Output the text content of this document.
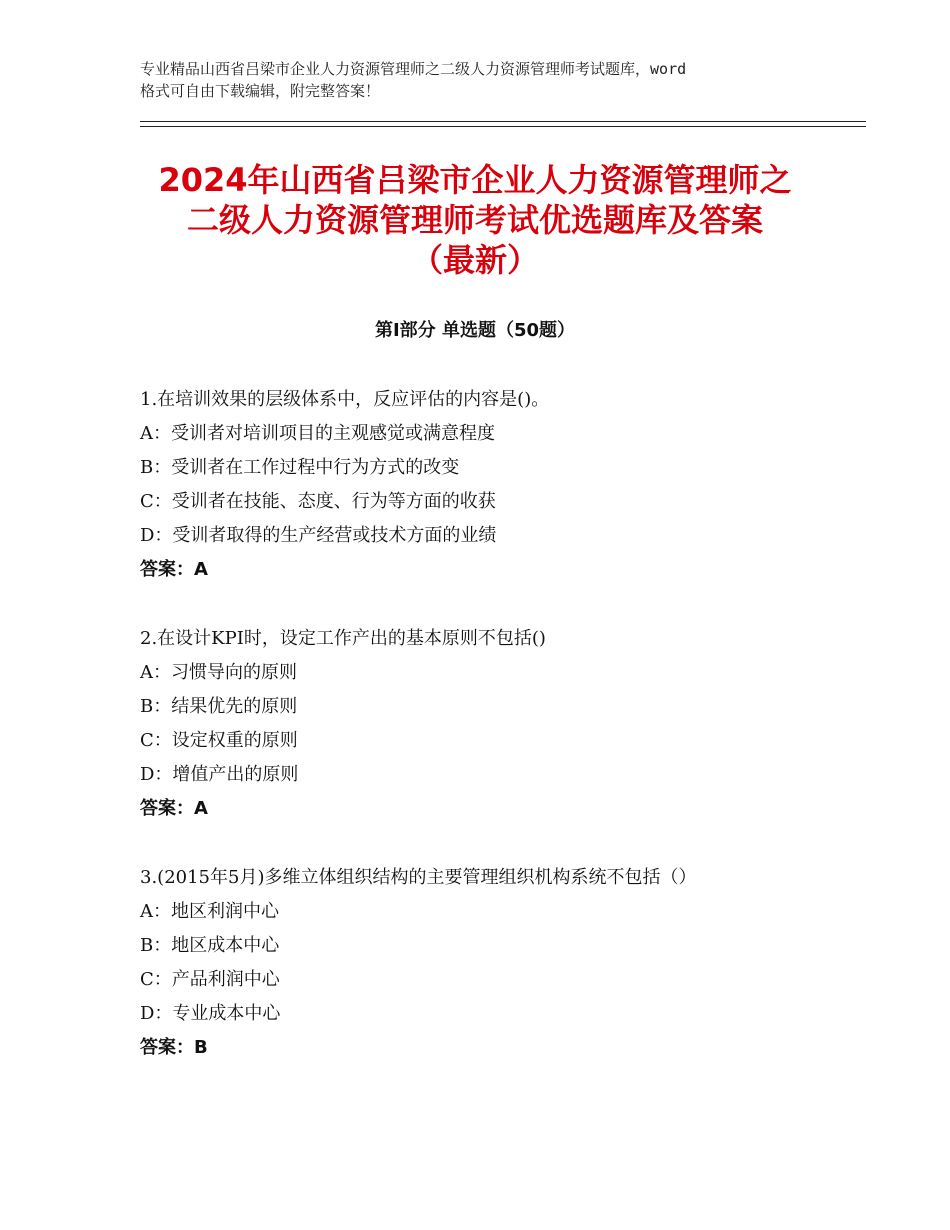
专业精品山西省吕梁市企业人力资源管理师之二级人力资源管理师考试题库，word
格式可自由下载编辑，附完整答案！
2024年山西省吕梁市企业人力资源管理师之
二级人力资源管理师考试优选题库及答案
（最新）
第Ⅰ部分 单选题（50题）
1.在培训效果的层级体系中，反应评估的内容是()。
A：受训者对培训项目的主观感觉或满意程度
B：受训者在工作过程中行为方式的改变
C：受训者在技能、态度、行为等方面的收获
D：受训者取得的生产经营或技术方面的业绩
答案：A
2.在设计KPI时，设定工作产出的基本原则不包括()
A：习惯导向的原则
B：结果优先的原则
C：设定权重的原则
D：增值产出的原则
答案：A
3.(2015年5月)多维立体组织结构的主要管理组织机构系统不包括（）
A：地区利润中心
B：地区成本中心
C：产品利润中心
D：专业成本中心
答案：B
